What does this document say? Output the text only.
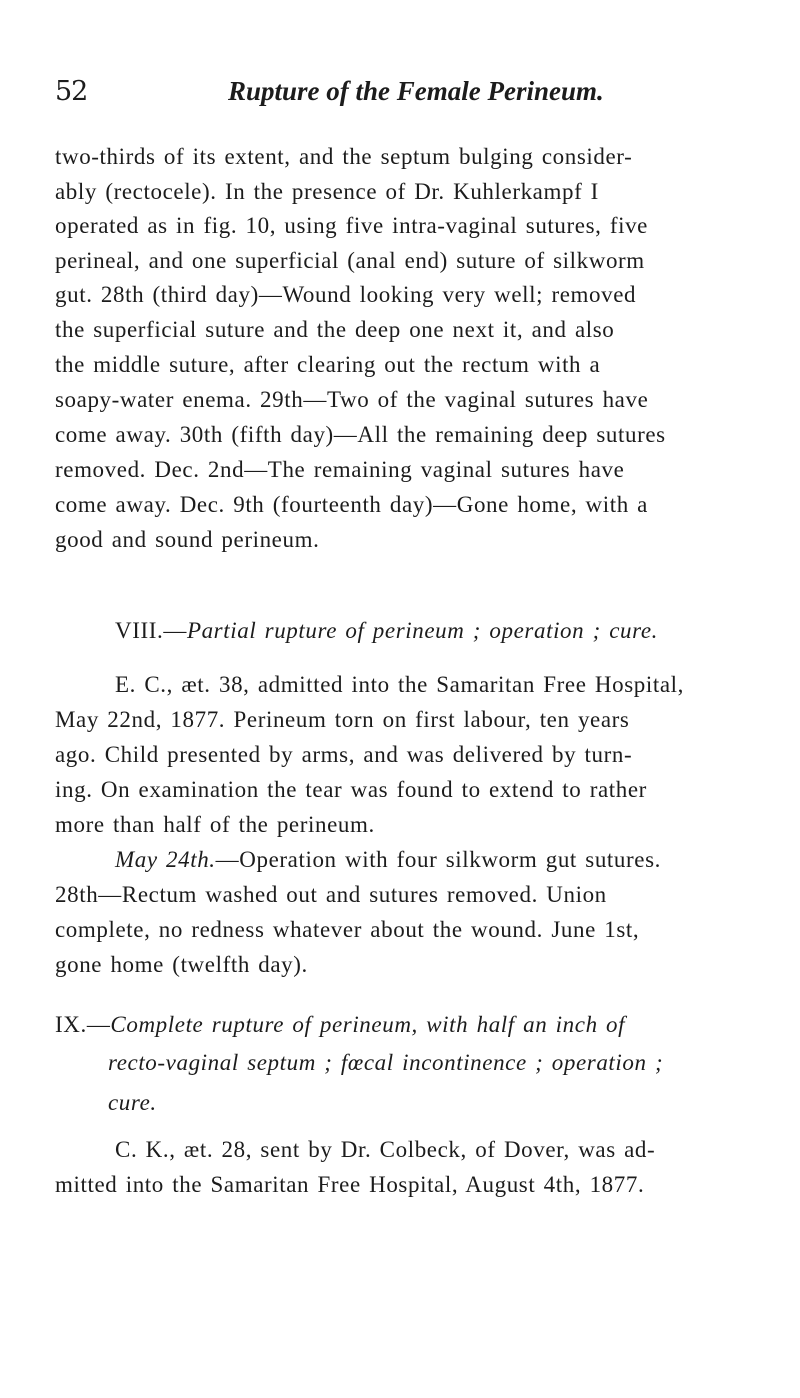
52	Rupture of the Female Perineum.
two-thirds of its extent, and the septum bulging consider-
ably (rectocele). In the presence of Dr. Kuhlerkampf I
operated as in fig. 10, using five intra-vaginal sutures, five
perineal, and one superficial (anal end) suture of silkworm
gut. 28th (third day)—Wound looking very well; removed
the superficial suture and the deep one next it, and also
the middle suture, after clearing out the rectum with a
soapy-water enema. 29th—Two of the vaginal sutures have
come away. 30th (fifth day)—All the remaining deep sutures
removed. Dec. 2nd—The remaining vaginal sutures have
come away. Dec. 9th (fourteenth day)—Gone home, with a
good and sound perineum.
VIII.—Partial rupture of perineum ; operation ; cure.
E. C., æt. 38, admitted into the Samaritan Free Hospital,
May 22nd, 1877. Perineum torn on first labour, ten years
ago. Child presented by arms, and was delivered by turn-
ing. On examination the tear was found to extend to rather
more than half of the perineum.
May 24th.—Operation with four silkworm gut sutures.
28th—Rectum washed out and sutures removed. Union
complete, no redness whatever about the wound. June 1st,
gone home (twelfth day).
IX.—Complete rupture of perineum, with half an inch of
recto-vaginal septum ; fœcal incontinence ; operation ;
cure.
C. K., æt. 28, sent by Dr. Colbeck, of Dover, was ad-
mitted into the Samaritan Free Hospital, August 4th, 1877.
